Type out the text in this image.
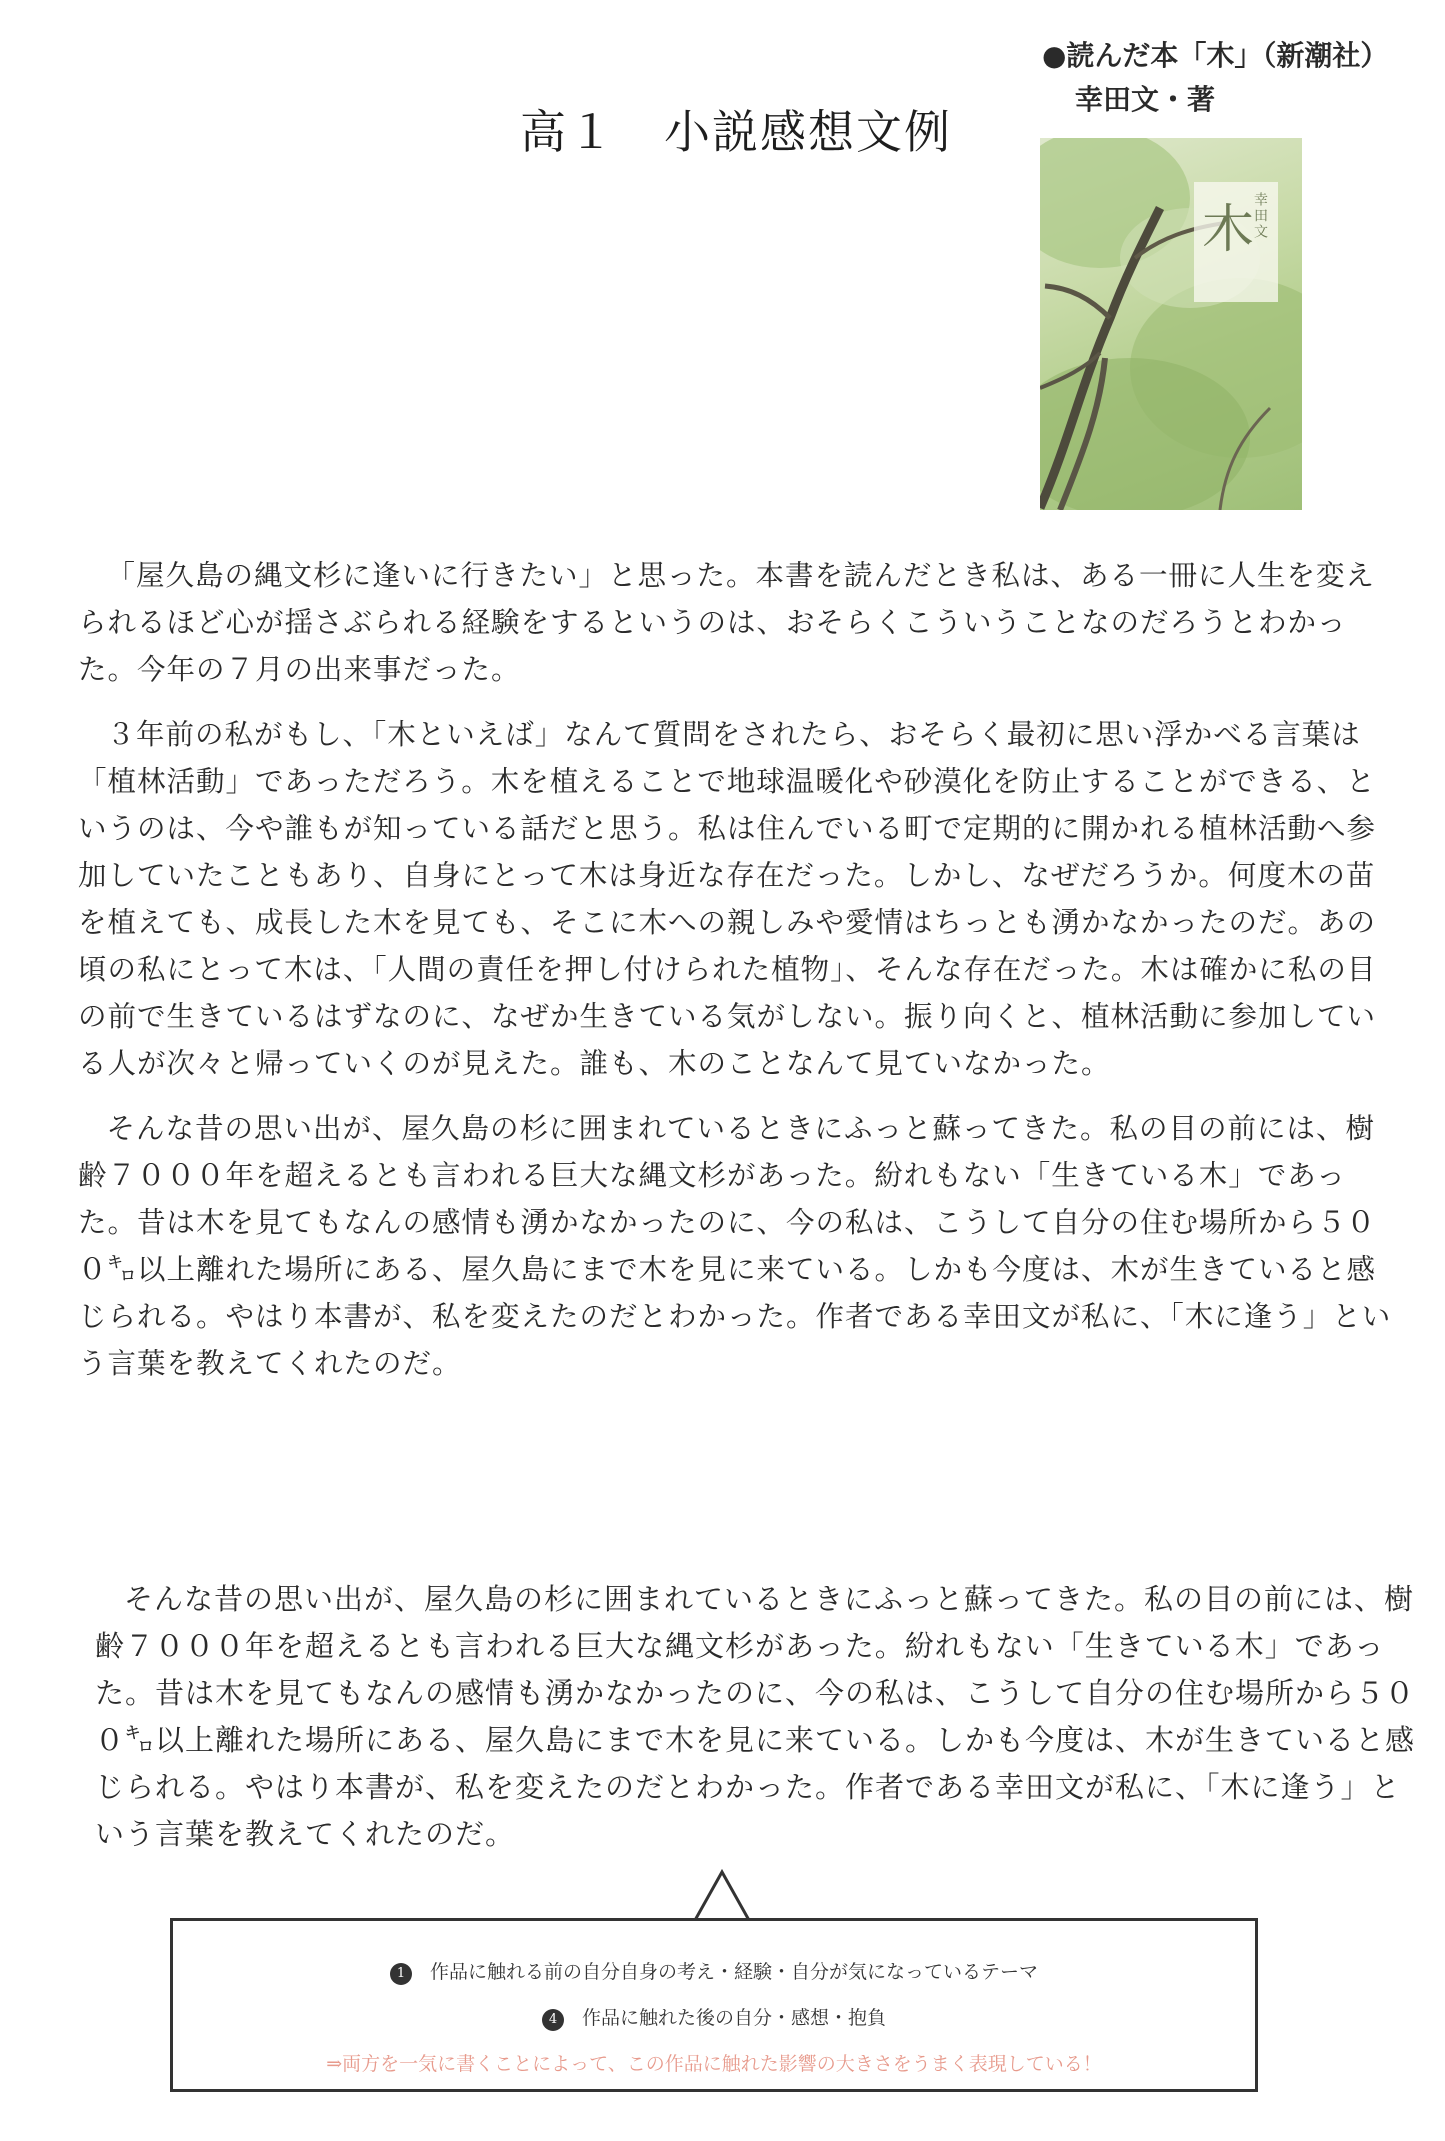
高１　小説感想文例
●読んだ本「木」（新潮社）
幸田文・著
木
幸田文

「屋久島の縄文杉に逢いに行きたい」と思った。本書を読んだとき私は、ある一冊に人生を変えられるほど心が揺さぶられる経験をするというのは、おそらくこういうことなのだろうとわかった。今年の７月の出来事だった。

３年前の私がもし、「木といえば」なんて質問をされたら、おそらく最初に思い浮かべる言葉は「植林活動」であっただろう。木を植えることで地球温暖化や砂漠化を防止することができる、というのは、今や誰もが知っている話だと思う。私は住んでいる町で定期的に開かれる植林活動へ参加していたこともあり、自身にとって木は身近な存在だった。しかし、なぜだろうか。何度木の苗を植えても、成長した木を見ても、そこに木への親しみや愛情はちっとも湧かなかったのだ。あの頃の私にとって木は、「人間の責任を押し付けられた植物」、そんな存在だった。木は確かに私の目の前で生きているはずなのに、なぜか生きている気がしない。振り向くと、植林活動に参加している人が次々と帰っていくのが見えた。誰も、木のことなんて見ていなかった。

そんな昔の思い出が、屋久島の杉に囲まれているときにふっと蘇ってきた。私の目の前には、樹齢７０００年を超えるとも言われる巨大な縄文杉があった。紛れもない「生きている木」であった。昔は木を見てもなんの感情も湧かなかったのに、今の私は、こうして自分の住む場所から５００㌔以上離れた場所にある、屋久島にまで木を見に来ている。しかも今度は、木が生きていると感じられる。やはり本書が、私を変えたのだとわかった。作者である幸田文が私に、「木に逢う」という言葉を教えてくれたのだ。

そんな昔の思い出が、屋久島の杉に囲まれているときにふっと蘇ってきた。私の目の前には、樹齢７０００年を超えるとも言われる巨大な縄文杉があった。紛れもない「生きている木」であった。昔は木を見てもなんの感情も湧かなかったのに、今の私は、こうして自分の住む場所から５００㌔以上離れた場所にある、屋久島にまで木を見に来ている。しかも今度は、木が生きていると感じられる。やはり本書が、私を変えたのだとわかった。作者である幸田文が私に、「木に逢う」という言葉を教えてくれたのだ。

1 作品に触れる前の自分自身の考え・経験・自分が気になっているテーマ
4 作品に触れた後の自分・感想・抱負
⇒両方を一気に書くことによって、この作品に触れた影響の大きさをうまく表現している！
